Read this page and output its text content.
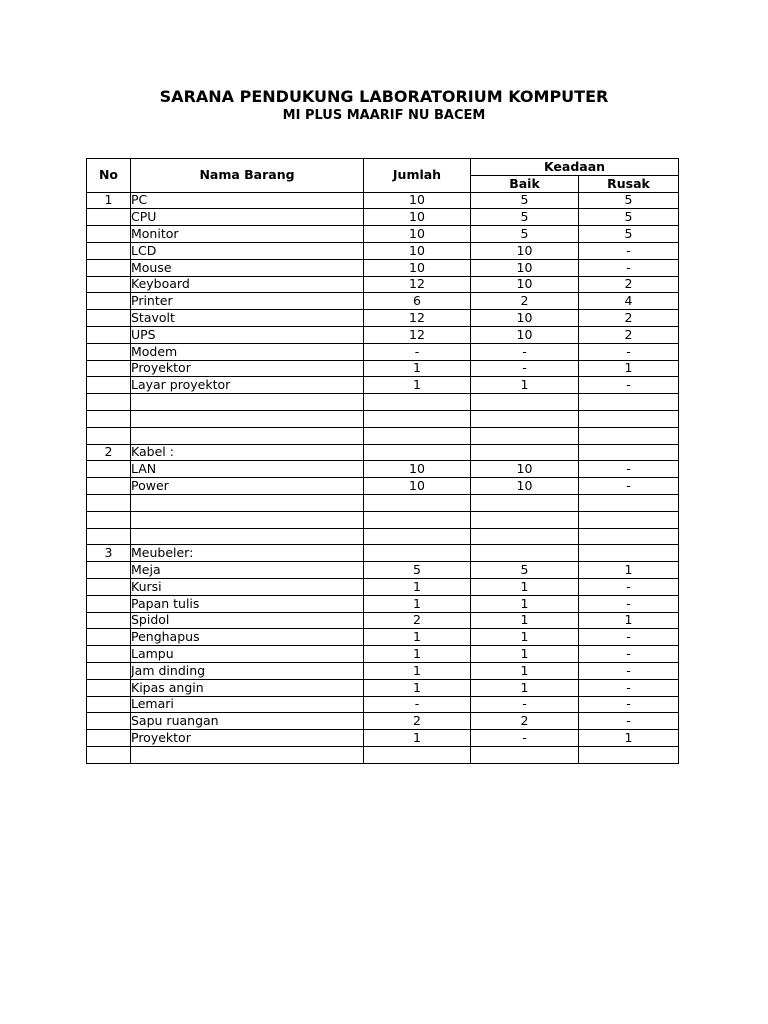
SARANA PENDUKUNG LABORATORIUM KOMPUTER
MI PLUS MAARIF NU BACEM
No	Nama Barang	Jumlah	Keadaan	
			Baik	Rusak
1	PC	10	5	5
	CPU	10	5	5
	Monitor	10	5	5
	LCD	10	10	-
	Mouse	10	10	-
	Keyboard	12	10	2
	Printer	6	2	4
	Stavolt	12	10	2
	UPS	12	10	2
	Modem	-	-	-
	Proyektor	1	-	1
	Layar proyektor	1	1	-

2	Kabel :			
	LAN	10	10	-
	Power	10	10	-

3	Meubeler:			
	Meja	5	5	1
	Kursi	1	1	-
	Papan tulis	1	1	-
	Spidol	2	1	1
	Penghapus	1	1	-
	Lampu	1	1	-
	Jam dinding	1	1	-
	Kipas angin	1	1	-
	Lemari	-	-	-
	Sapu ruangan	2	2	-
	Proyektor	1	-	1
